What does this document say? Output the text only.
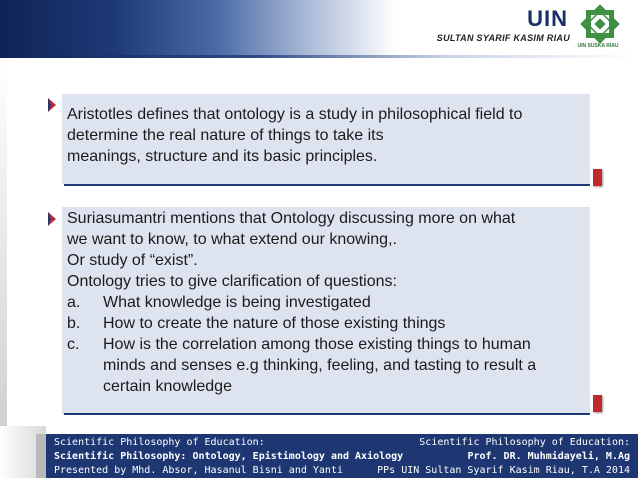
UIN
SULTAN SYARIF KASIM RIAU
UIN SUSKA RIAU
Aristotles defines that ontology is a study in philosophical field to
determine the real nature of things to take its
meanings, structure and its basic principles.
Suriasumantri mentions that Ontology discussing more on what
we want to know, to what extend our knowing,.
Or study of “exist”.
Ontology tries to give clarification of questions:
a. What knowledge is being investigated
b. How to create the nature of those existing things
c. How is the correlation among those existing things to human
minds and senses e.g thinking, feeling, and tasting to result a
certain knowledge
Scientific Philosophy of Education:
Scientific Philosophy: Ontology, Epistimology and Axiology
Presented by Mhd. Absor, Hasanul Bisni and Yanti
Scientific Philosophy of Education:
Prof. DR. Muhmidayeli, M.Ag
PPs UIN Sultan Syarif Kasim Riau, T.A 2014
